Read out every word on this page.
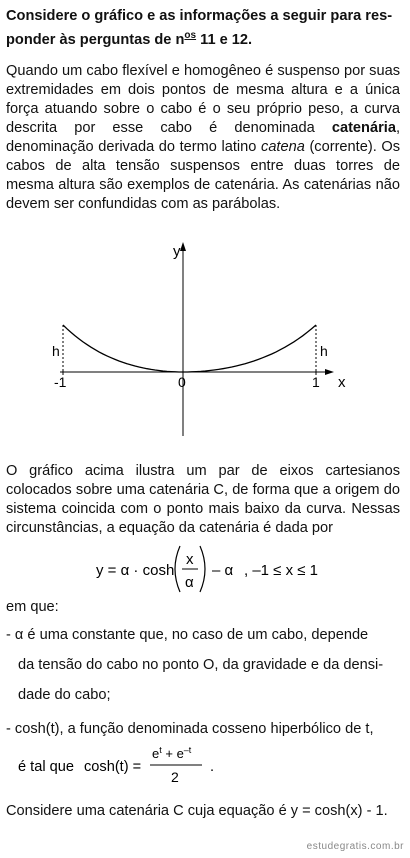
Considere o gráfico e as informações a seguir para res-
ponder às perguntas de $n^{os}$ 11 e 12.

Quando um cabo flexível e homogêneo é suspenso por suas extremidades em dois pontos de mesma altura e a única força atuando sobre o cabo é o seu próprio peso, a curva descrita por esse cabo é denominada catenária, denominação derivada do termo latino catena (corrente). Os cabos de alta tensão suspensos entre duas torres de mesma altura são exemplos de catenária. As catenárias não devem ser confundidas com as parábolas.

y
x
-1	0	1
h	h

O gráfico acima ilustra um par de eixos cartesianos colocados sobre uma catenária C, de forma que a origem do sistema coincida com o ponto mais baixo da curva. Nessas circunstâncias, a equação da catenária é dada por

y = α · cosh
x
α
– α , –1 ≤ x ≤ 1

em que:

- α é uma constante que, no caso de um cabo, depende

da tensão do cabo no ponto O, da gravidade e da densi-

dade do cabo;

- cosh(t), a função denominada cosseno hiperbólico de t,

é tal que cosh(t) =
$e^t + e^{-t}$
2
.

Considere uma catenária C cuja equação é y = cosh(x) - 1.

estudegratis.com.br
